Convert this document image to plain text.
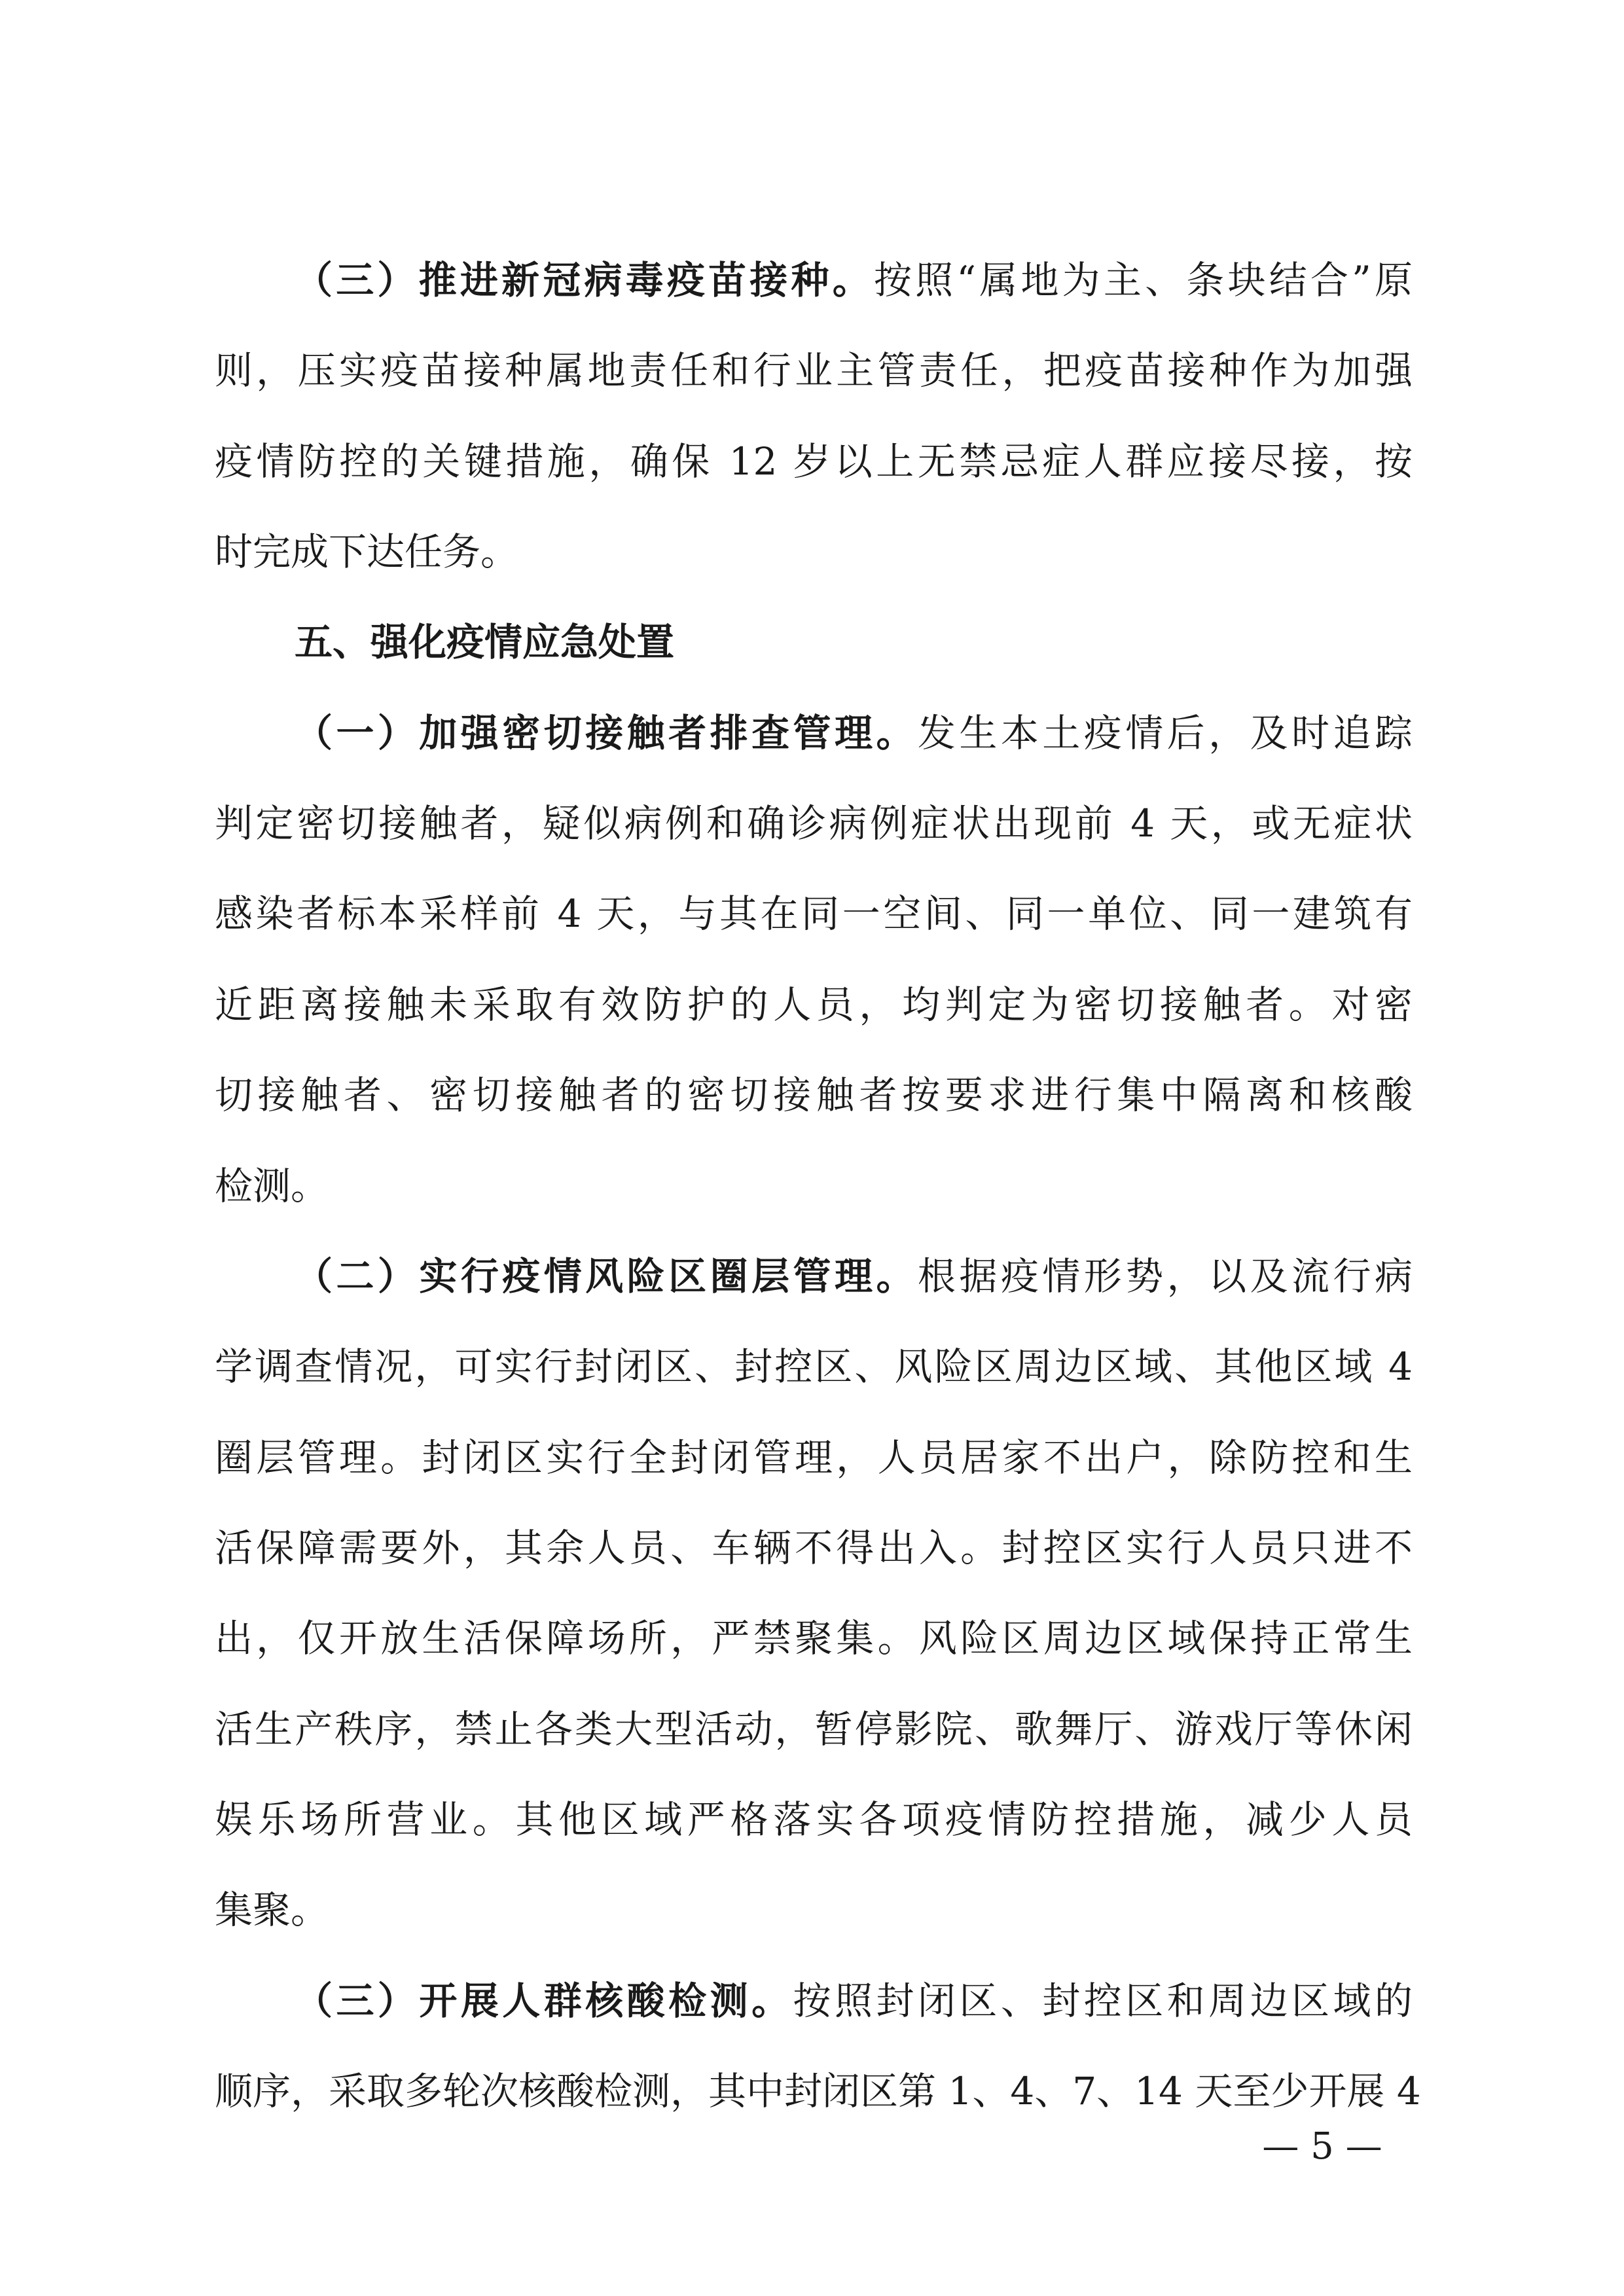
（三）推进新冠病毒疫苗接种。按照“属地为主、条块结合”原
则，压实疫苗接种属地责任和行业主管责任，把疫苗接种作为加强
疫情防控的关键措施，确保 12 岁以上无禁忌症人群应接尽接，按
时完成下达任务。
五、强化疫情应急处置
（一）加强密切接触者排查管理。发生本土疫情后，及时追踪
判定密切接触者，疑似病例和确诊病例症状出现前 4 天，或无症状
感染者标本采样前 4 天，与其在同一空间、同一单位、同一建筑有
近距离接触未采取有效防护的人员，均判定为密切接触者。对密
切接触者、密切接触者的密切接触者按要求进行集中隔离和核酸
检测。
（二）实行疫情风险区圈层管理。根据疫情形势，以及流行病
学调查情况，可实行封闭区、封控区、风险区周边区域、其他区域 4
圈层管理。封闭区实行全封闭管理，人员居家不出户，除防控和生
活保障需要外，其余人员、车辆不得出入。封控区实行人员只进不
出，仅开放生活保障场所，严禁聚集。风险区周边区域保持正常生
活生产秩序，禁止各类大型活动，暂停影院、歌舞厅、游戏厅等休闲
娱乐场所营业。其他区域严格落实各项疫情防控措施，减少人员
集聚。
（三）开展人群核酸检测。按照封闭区、封控区和周边区域的
顺序，采取多轮次核酸检测，其中封闭区第 1、4、7、14 天至少开展 4
— 5 —
